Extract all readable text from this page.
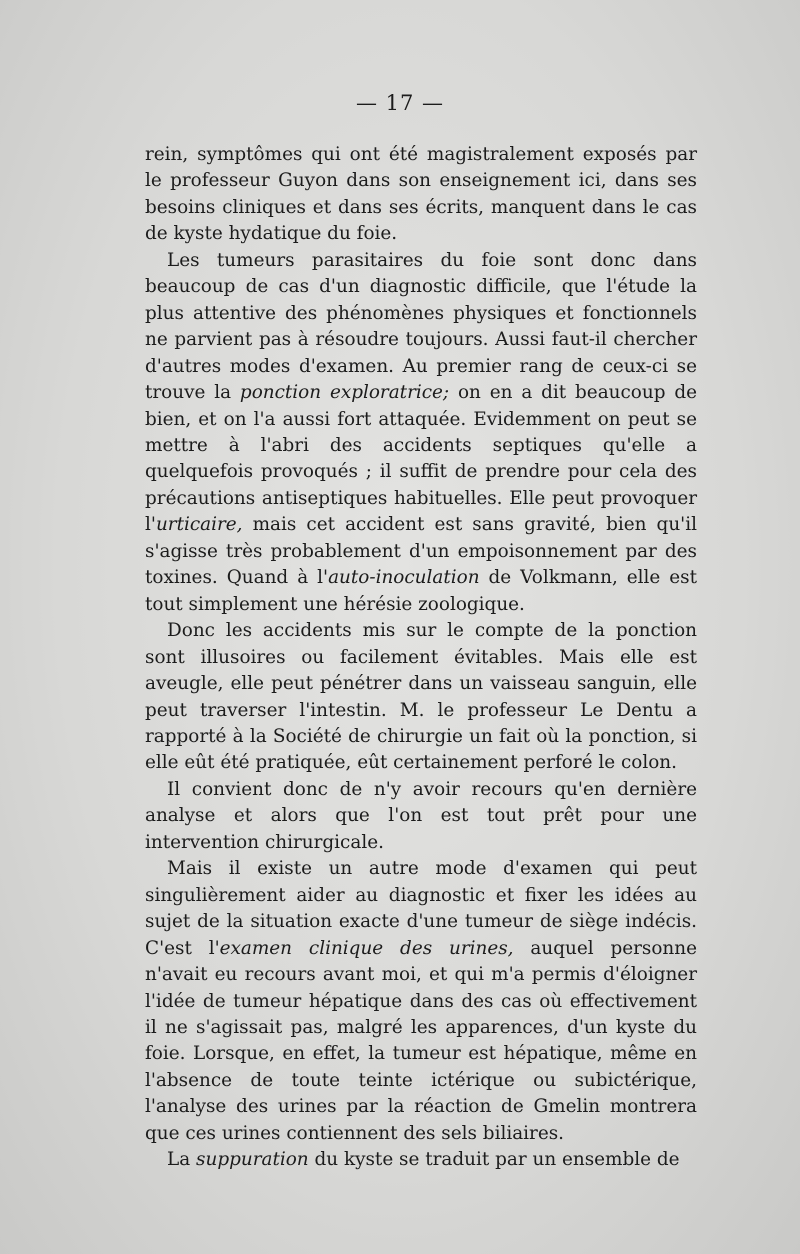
— 17 —

rein, symptômes qui ont été magistralement exposés par le professeur Guyon dans son enseignement ici, dans ses besoins cliniques et dans ses écrits, manquent dans le cas de kyste hydatique du foie.

Les tumeurs parasitaires du foie sont donc dans beaucoup de cas d'un diagnostic difficile, que l'étude la plus attentive des phénomènes physiques et fonctionnels ne parvient pas à résoudre toujours. Aussi faut-il chercher d'autres modes d'examen. Au premier rang de ceux-ci se trouve la ponction exploratrice; on en a dit beaucoup de bien, et on l'a aussi fort attaquée. Evidemment on peut se mettre à l'abri des accidents septiques qu'elle a quelquefois provoqués ; il suffit de prendre pour cela des précautions antiseptiques habituelles. Elle peut provoquer l'urticaire, mais cet accident est sans gravité, bien qu'il s'agisse très probablement d'un empoisonnement par des toxines. Quand à l'auto-inoculation de Volkmann, elle est tout simplement une hérésie zoologique.

Donc les accidents mis sur le compte de la ponction sont illusoires ou facilement évitables. Mais elle est aveugle, elle peut pénétrer dans un vaisseau sanguin, elle peut traverser l'intestin. M. le professeur Le Dentu a rapporté à la Société de chirurgie un fait où la ponction, si elle eût été pratiquée, eût certainement perforé le colon.

Il convient donc de n'y avoir recours qu'en dernière analyse et alors que l'on est tout prêt pour une intervention chirurgicale.

Mais il existe un autre mode d'examen qui peut singulièrement aider au diagnostic et fixer les idées au sujet de la situation exacte d'une tumeur de siège indécis. C'est l'examen clinique des urines, auquel personne n'avait eu recours avant moi, et qui m'a permis d'éloigner l'idée de tumeur hépatique dans des cas où effectivement il ne s'agissait pas, malgré les apparences, d'un kyste du foie. Lorsque, en effet, la tumeur est hépatique, même en l'absence de toute teinte ictérique ou subictérique, l'analyse des urines par la réaction de Gmelin montrera que ces urines contiennent des sels biliaires.

La suppuration du kyste se traduit par un ensemble de
